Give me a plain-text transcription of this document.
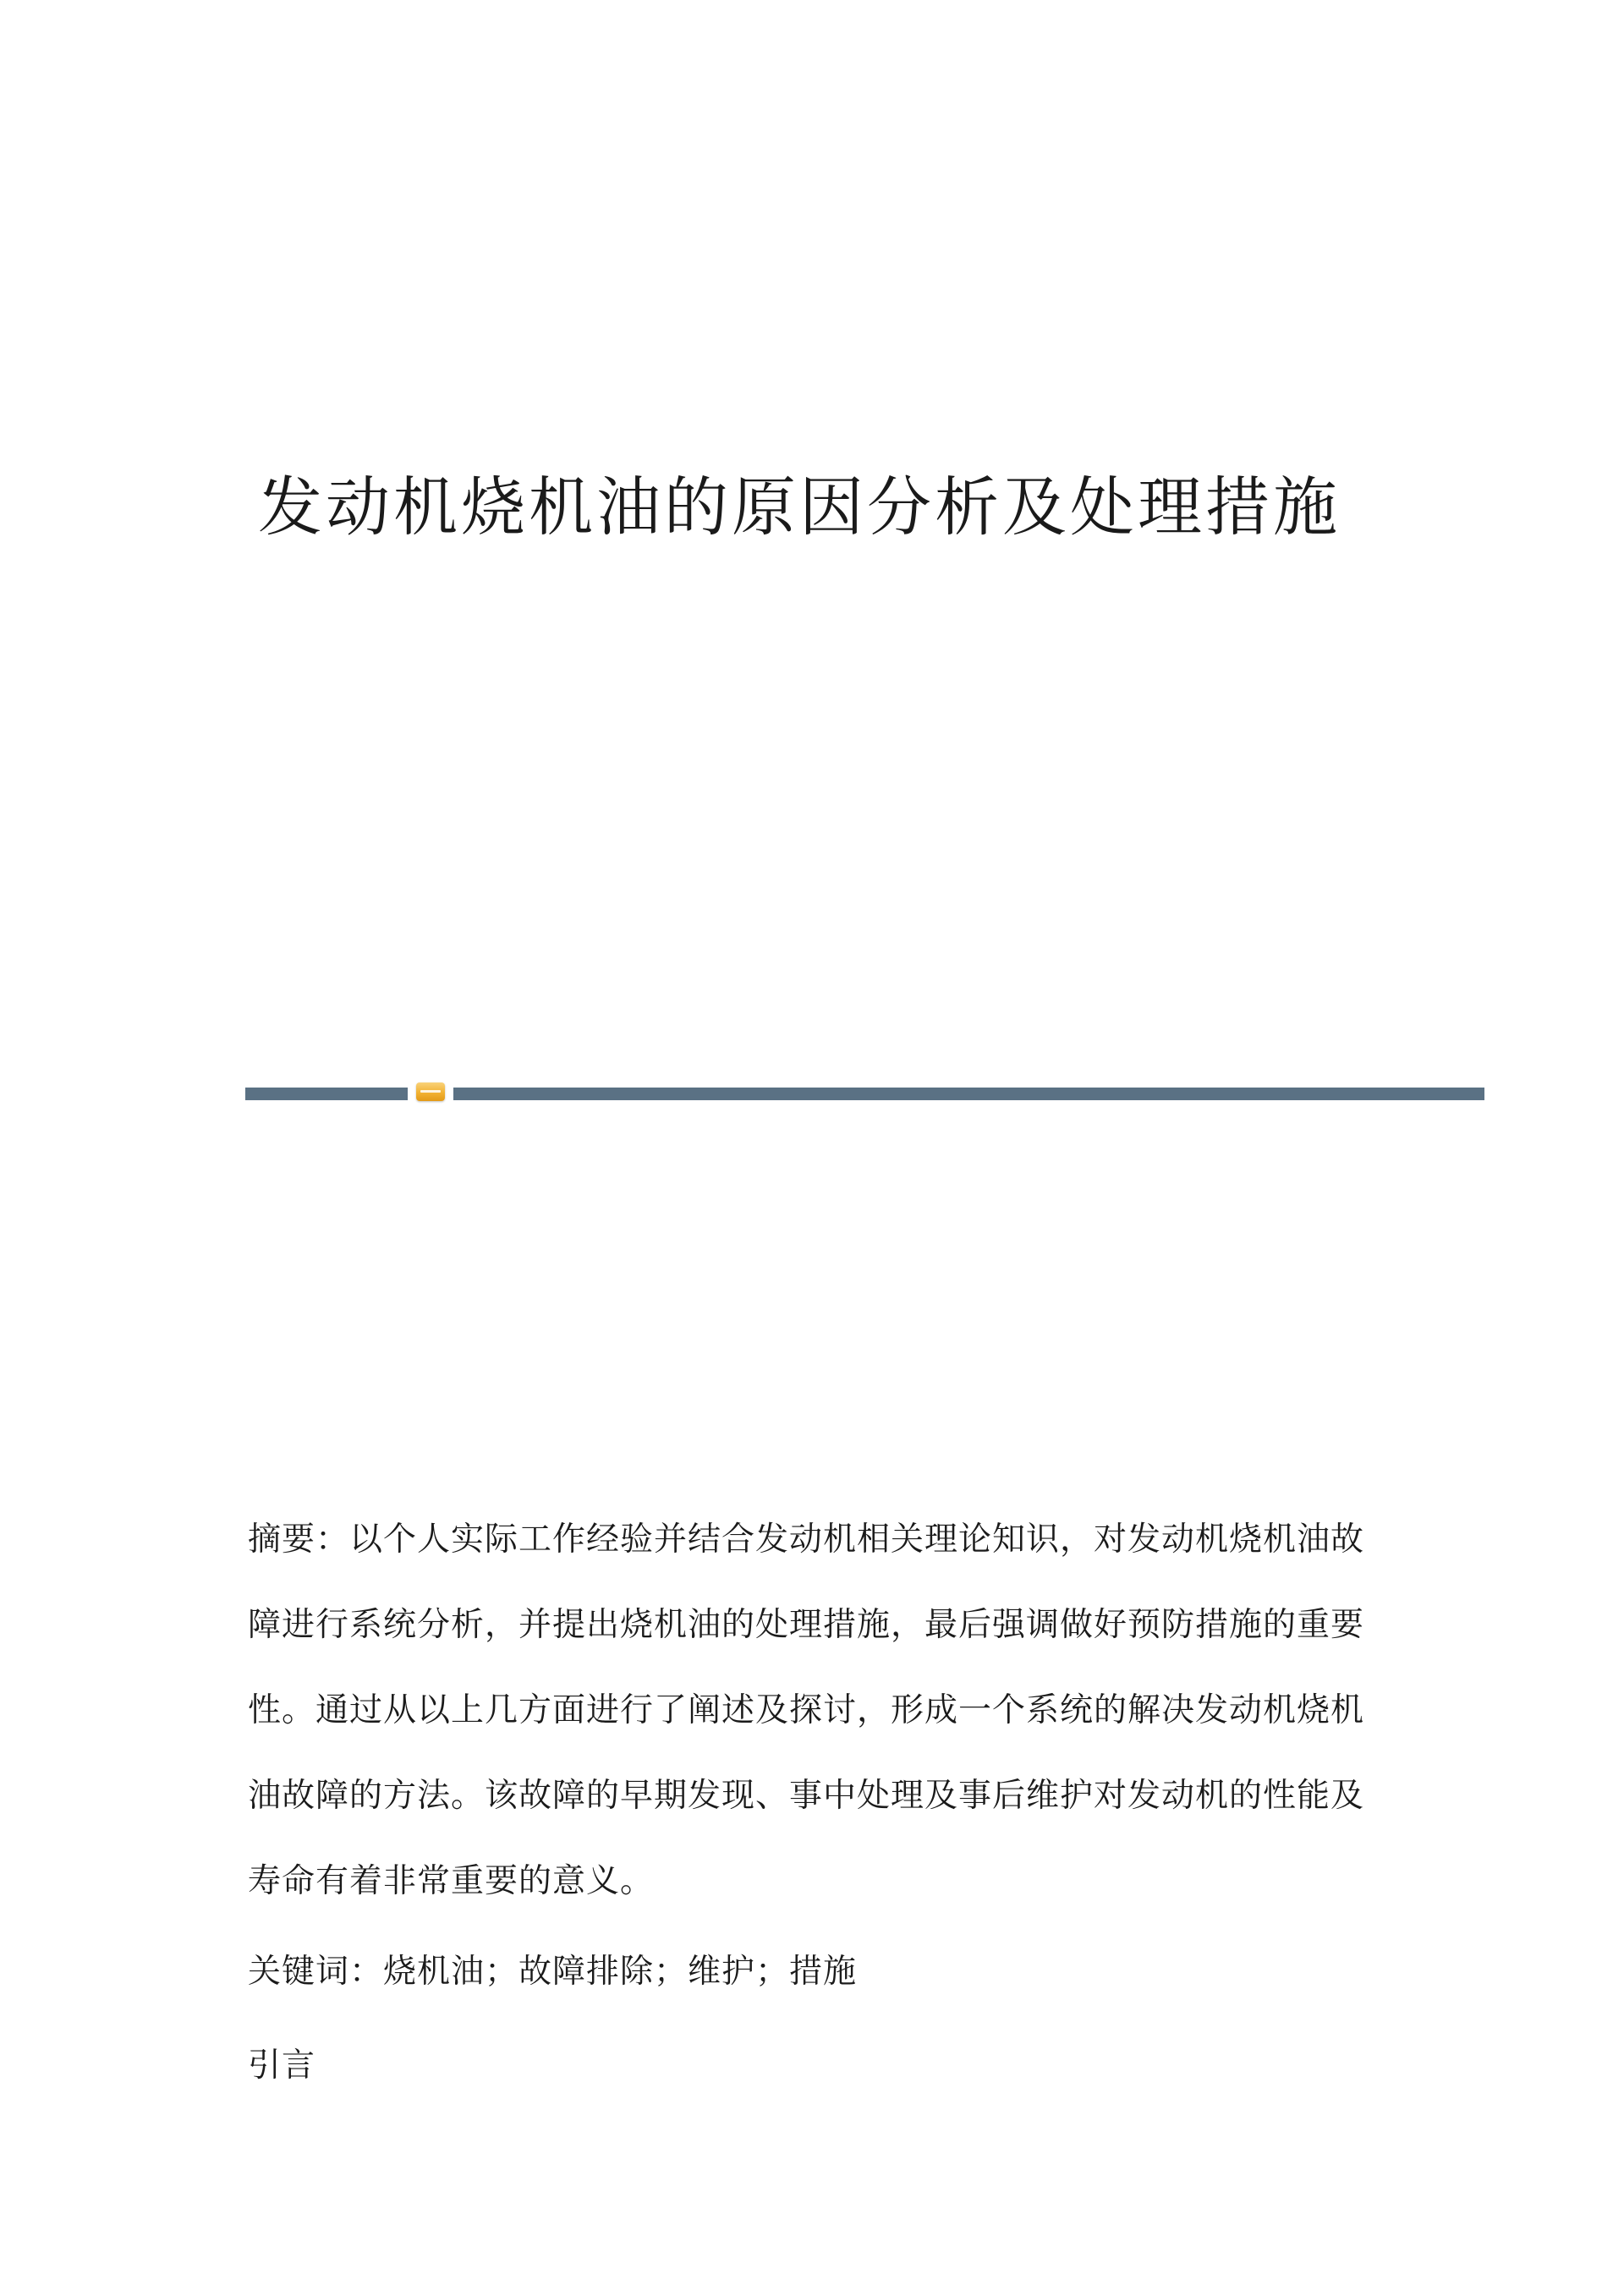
发动机烧机油的原因分析及处理措施

摘要：以个人实际工作经验并结合发动机相关理论知识，对发动机烧机油故障进行系统分析，并提出烧机油的处理措施，最后强调做好预防措施的重要性。通过从以上几方面进行了阐述及探讨，形成一个系统的解决发动机烧机油故障的方法。该故障的早期发现、事中处理及事后维护对发动机的性能及寿命有着非常重要的意义。

关键词：烧机油；故障排除；维护；措施

引言
